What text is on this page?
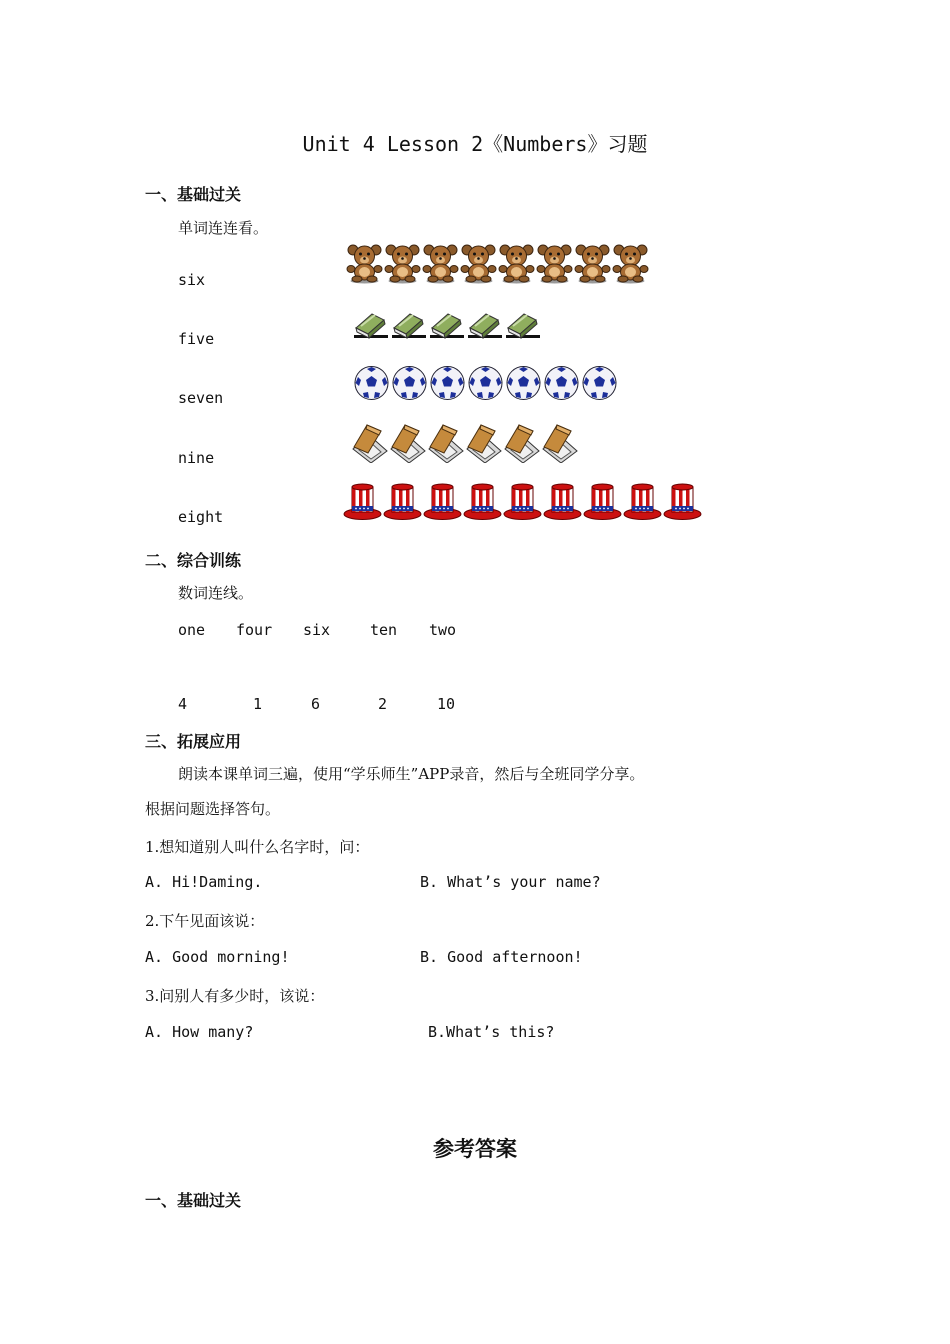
Unit 4 Lesson 2《Numbers》习题
一、基础过关
单词连连看。
six
five
seven
nine
eight
二、综合训练
数词连线。
one four six	ten two
4	1	6	2	10
三、拓展应用
朗读本课单词三遍，使用“学乐师生”APP录音，然后与全班同学分享。
根据问题选择答句。
1.想知道别人叫什么名字时，问：
A. Hi!Daming.	B. What’s your name?
2.下午见面该说：
A. Good morning!	B. Good afternoon!
3.问别人有多少时，该说：
A. How many?	B.What’s this?
参考答案
一、基础过关
